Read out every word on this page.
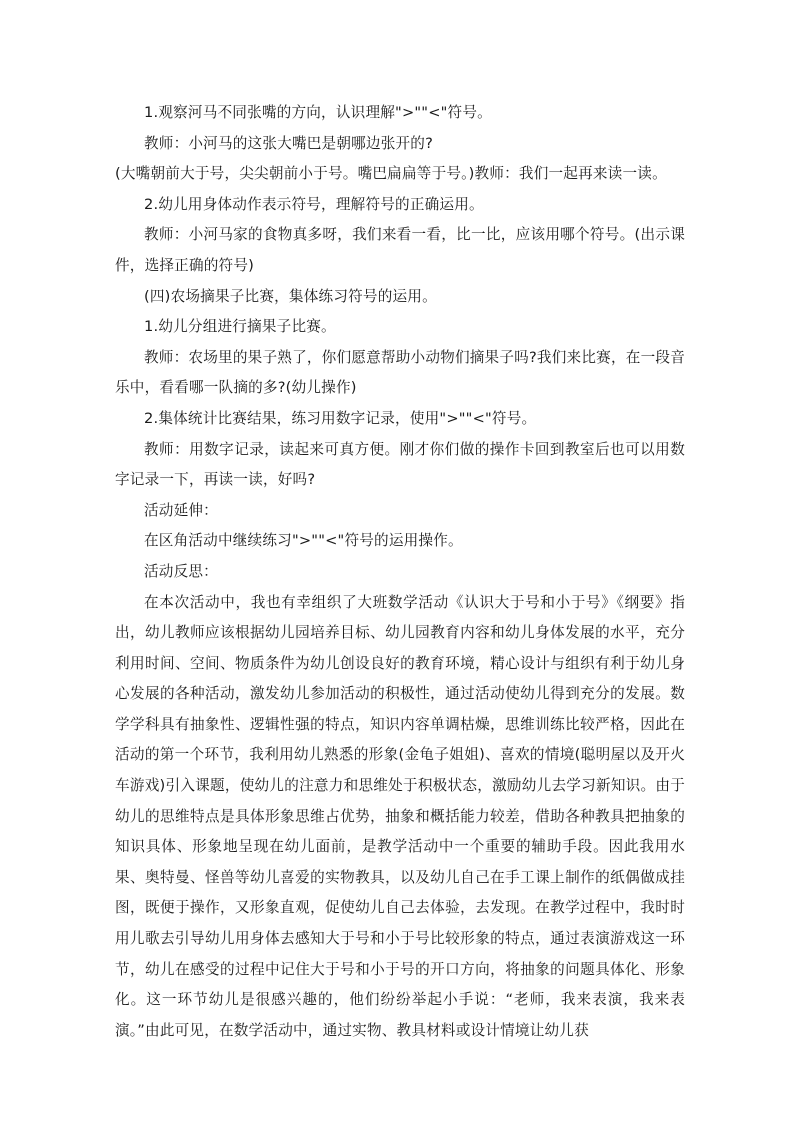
1.观察河马不同张嘴的方向，认识理解">""<"符号。

教师：小河马的这张大嘴巴是朝哪边张开的?

(大嘴朝前大于号，尖尖朝前小于号。嘴巴扁扁等于号。)教师：我们一起再来读一读。

2.幼儿用身体动作表示符号，理解符号的正确运用。

教师：小河马家的食物真多呀，我们来看一看，比一比，应该用哪个符号。(出示课件，选择正确的符号)

(四)农场摘果子比赛，集体练习符号的运用。

1.幼儿分组进行摘果子比赛。

教师：农场里的果子熟了，你们愿意帮助小动物们摘果子吗?我们来比赛，在一段音乐中，看看哪一队摘的多?(幼儿操作)

2.集体统计比赛结果，练习用数字记录，使用">""<"符号。

教师：用数字记录，读起来可真方便。刚才你们做的操作卡回到教室后也可以用数字记录一下，再读一读，好吗?

活动延伸：

在区角活动中继续练习">""<"符号的运用操作。

活动反思：

在本次活动中，我也有幸组织了大班数学活动《认识大于号和小于号》《纲要》指出，幼儿教师应该根据幼儿园培养目标、幼儿园教育内容和幼儿身体发展的水平，充分利用时间、空间、物质条件为幼儿创设良好的教育环境，精心设计与组织有利于幼儿身心发展的各种活动，激发幼儿参加活动的积极性，通过活动使幼儿得到充分的发展。数学学科具有抽象性、逻辑性强的特点，知识内容单调枯燥，思维训练比较严格，因此在活动的第一个环节，我利用幼儿熟悉的形象(金龟子姐姐)、喜欢的情境(聪明屋以及开火车游戏)引入课题，使幼儿的注意力和思维处于积极状态，激励幼儿去学习新知识。由于幼儿的思维特点是具体形象思维占优势，抽象和概括能力较差，借助各种教具把抽象的知识具体、形象地呈现在幼儿面前，是教学活动中一个重要的辅助手段。因此我用水果、奥特曼、怪兽等幼儿喜爱的实物教具，以及幼儿自己在手工课上制作的纸偶做成挂图，既便于操作，又形象直观，促使幼儿自己去体验，去发现。在教学过程中，我时时用儿歌去引导幼儿用身体去感知大于号和小于号比较形象的特点，通过表演游戏这一环节，幼儿在感受的过程中记住大于号和小于号的开口方向，将抽象的问题具体化、形象化。这一环节幼儿是很感兴趣的，他们纷纷举起小手说：“老师，我来表演，我来表演。”由此可见，在数学活动中，通过实物、教具材料或设计情境让幼儿获
